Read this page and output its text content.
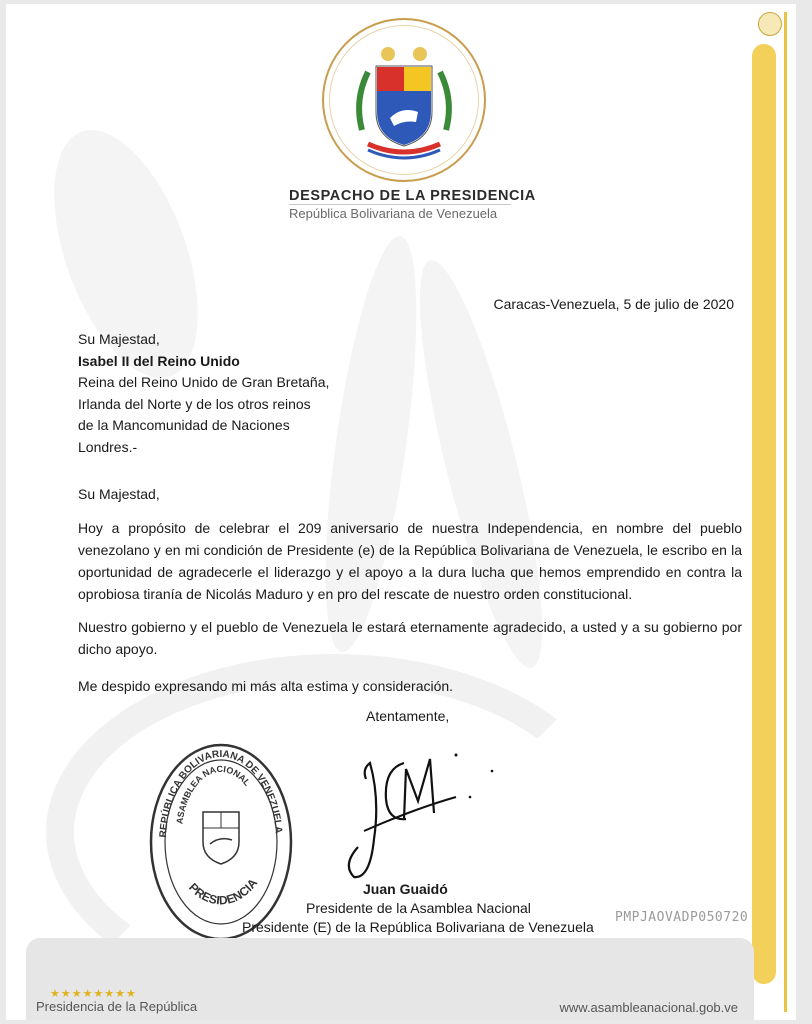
DESPACHO DE LA PRESIDENCIA
República Bolivariana de Venezuela
Caracas-Venezuela, 5 de julio de 2020
Su Majestad,
Isabel II del Reino Unido
Reina del Reino Unido de Gran Bretaña,
Irlanda del Norte y de los otros reinos
de la Mancomunidad de Naciones
Londres.-
Su Majestad,
Hoy a propósito de celebrar el 209 aniversario de nuestra Independencia, en nombre del pueblo venezolano y en mi condición de Presidente (e) de la República Bolivariana de Venezuela, le escribo en la oportunidad de agradecerle el liderazgo y el apoyo a la dura lucha que hemos emprendido en contra la oprobiosa tiranía de Nicolás Maduro y en pro del rescate de nuestro orden constitucional.
Nuestro gobierno y el pueblo de Venezuela le estará eternamente agradecido, a usted y a su gobierno por dicho apoyo.
Me despido expresando mi más alta estima y consideración.
Atentamente,
REPÚBLICA BOLIVARIANA DE VENEZUELA
ASAMBLEA NACIONAL
PRESIDENCIA	Juan Guaidó
Presidente de la Asamblea Nacional
Presidente (E) de la República Bolivariana de Venezuela
PMPJAOVADP050720
★★★★★★★★
Presidencia de la República	www.asambleanacional.gob.ve
